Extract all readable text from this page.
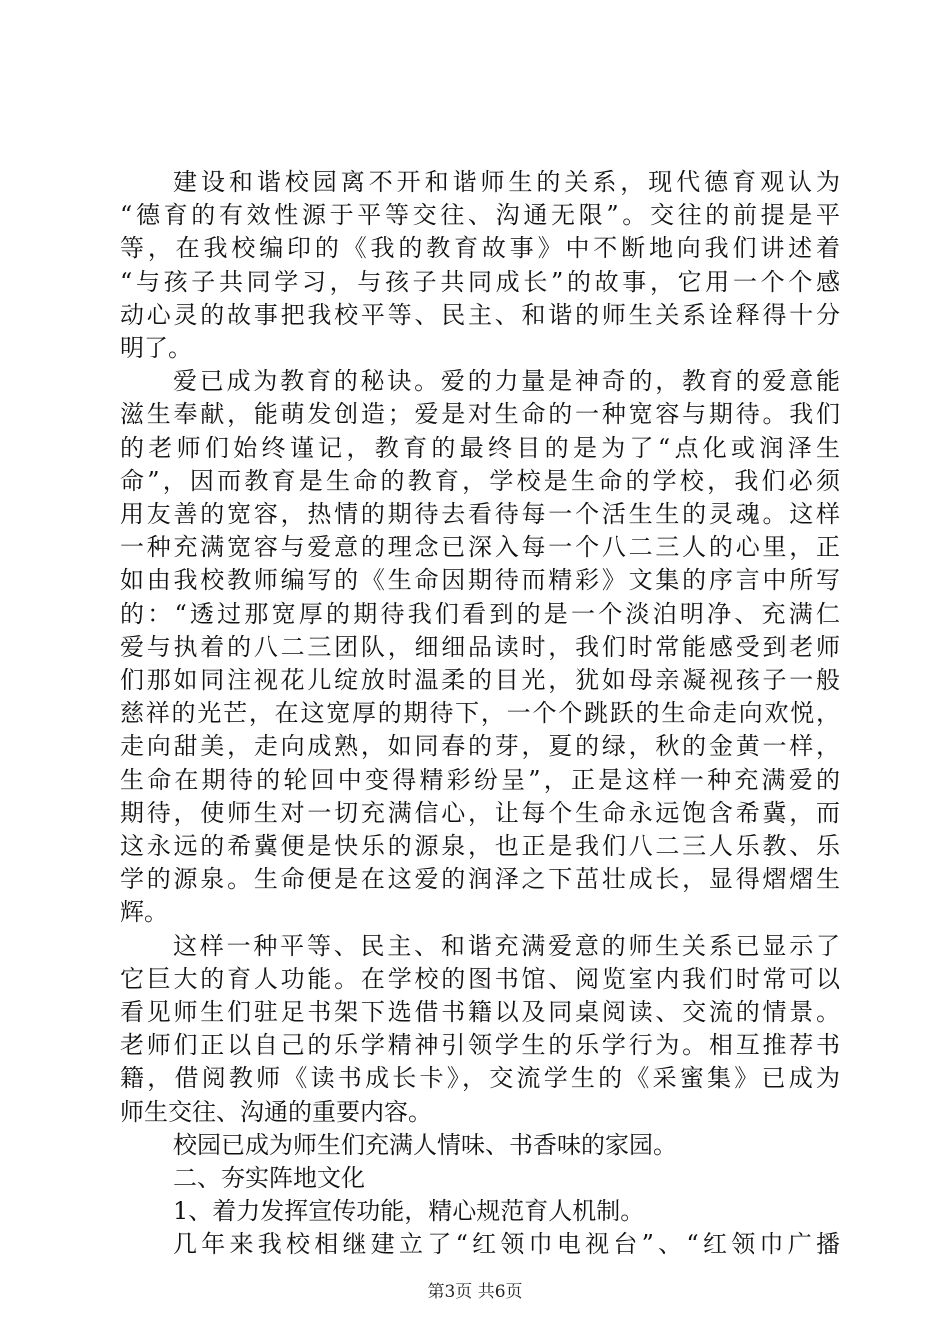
建设和谐校园离不开和谐师生的关系，现代德育观认为
“德育的有效性源于平等交往、沟通无限”。交往的前提是平
等，在我校编印的《我的教育故事》中不断地向我们讲述着
“与孩子共同学习，与孩子共同成长”的故事，它用一个个感
动心灵的故事把我校平等、民主、和谐的师生关系诠释得十分
明了。
爱已成为教育的秘诀。爱的力量是神奇的，教育的爱意能
滋生奉献，能萌发创造；爱是对生命的一种宽容与期待。我们
的老师们始终谨记，教育的最终目的是为了“点化或润泽生
命”，因而教育是生命的教育，学校是生命的学校，我们必须
用友善的宽容，热情的期待去看待每一个活生生的灵魂。这样
一种充满宽容与爱意的理念已深入每一个八二三人的心里，正
如由我校教师编写的《生命因期待而精彩》文集的序言中所写
的：“透过那宽厚的期待我们看到的是一个淡泊明净、充满仁
爱与执着的八二三团队，细细品读时，我们时常能感受到老师
们那如同注视花儿绽放时温柔的目光，犹如母亲凝视孩子一般
慈祥的光芒，在这宽厚的期待下，一个个跳跃的生命走向欢悦，
走向甜美，走向成熟，如同春的芽，夏的绿，秋的金黄一样，
生命在期待的轮回中变得精彩纷呈”，正是这样一种充满爱的
期待，使师生对一切充满信心，让每个生命永远饱含希冀，而
这永远的希冀便是快乐的源泉，也正是我们八二三人乐教、乐
学的源泉。生命便是在这爱的润泽之下茁壮成长，显得熠熠生
辉。
这样一种平等、民主、和谐充满爱意的师生关系已显示了
它巨大的育人功能。在学校的图书馆、阅览室内我们时常可以
看见师生们驻足书架下选借书籍以及同桌阅读、交流的情景。
老师们正以自己的乐学精神引领学生的乐学行为。相互推荐书
籍，借阅教师《读书成长卡》，交流学生的《采蜜集》已成为
师生交往、沟通的重要内容。
校园已成为师生们充满人情味、书香味的家园。
二、夯实阵地文化
1、着力发挥宣传功能，精心规范育人机制。
几年来我校相继建立了“红领巾电视台”、“红领巾广播
第3页 共6页
